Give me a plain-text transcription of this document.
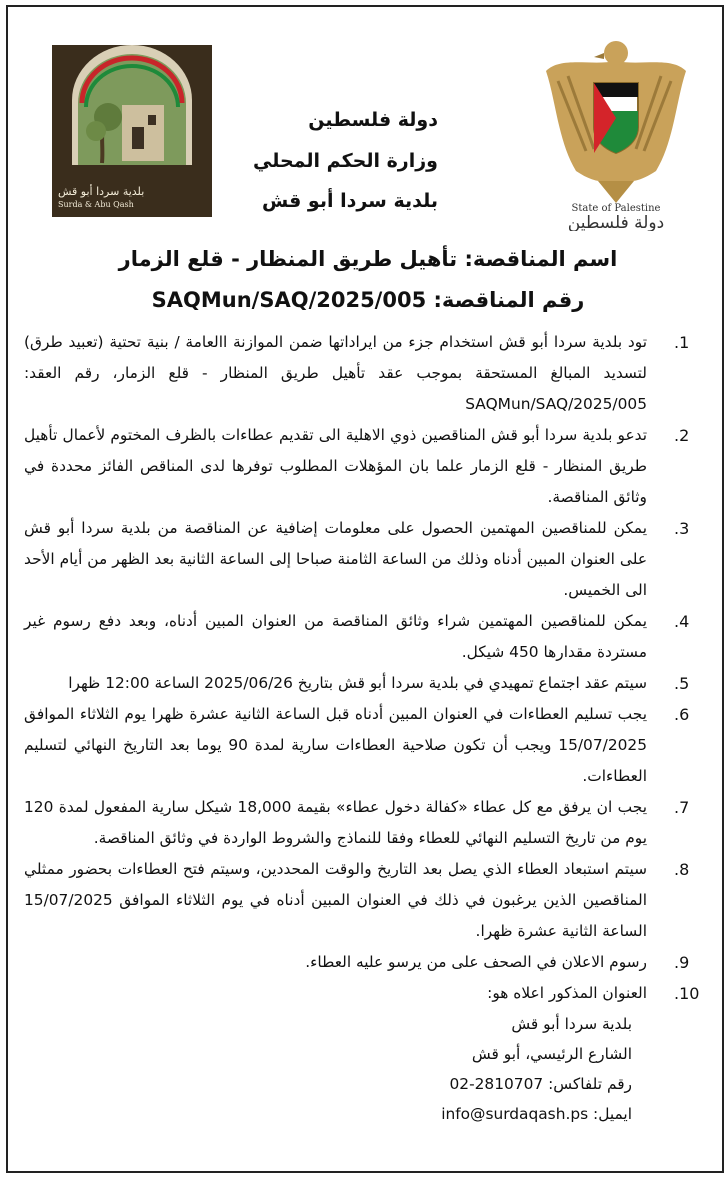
State of Palestine
دولة فلسطين
بلدية سردا أبو قش
Surda & Abu Qash
دولة فلسطين
وزارة الحكم المحلي
بلدية سردا أبو قش
اسم المناقصة: تأهيل طريق المنظار - قلع الزمار
رقم المناقصة: SAQMun/SAQ/2025/005
1.
تود بلدية سردا أبو قش استخدام جزء من ايراداتها ضمن الموازنة االعامة / بنية تحتية (تعبيد طرق) لتسديد المبالغ المستحقة بموجب عقد تأهيل طريق المنظار - قلع الزمار، رقم العقد: SAQMun/SAQ/2025/005
2.
تدعو بلدية سردا أبو قش المناقصين ذوي الاهلية الى تقديم عطاءات بالظرف المختوم لأعمال تأهيل طريق المنظار - قلع الزمار علما بان المؤهلات المطلوب توفرها لدى المناقص الفائز محددة في وثائق المناقصة.
3.
يمكن للمناقصين المهتمين الحصول على معلومات إضافية عن المناقصة من بلدية سردا أبو قش على العنوان المبين أدناه وذلك من الساعة الثامنة صباحا إلى الساعة الثانية بعد الظهر من أيام الأحد الى الخميس.
4.
يمكن للمناقصين المهتمين شراء وثائق المناقصة من العنوان المبين أدناه، وبعد دفع رسوم غير مستردة مقدارها 450 شيكل.
5.
سيتم عقد اجتماع تمهيدي في بلدية سردا أبو قش بتاريخ 2025/06/26 الساعة 12:00 ظهرا
6.
يجب تسليم العطاءات في العنوان المبين أدناه قبل الساعة الثانية عشرة ظهرا يوم الثلاثاء الموافق 15/07/2025 ويجب أن تكون صلاحية العطاءات سارية لمدة 90 يوما بعد التاريخ النهائي لتسليم العطاءات.
7.
يجب ان يرفق مع كل عطاء «كفالة دخول عطاء» بقيمة 18,000 شيكل سارية المفعول لمدة 120 يوم من تاريخ التسليم النهائي للعطاء وفقا للنماذج والشروط الواردة في وثائق المناقصة.
8.
سيتم استبعاد العطاء الذي يصل بعد التاريخ والوقت المحددين، وسيتم فتح العطاءات بحضور ممثلي المناقصين الذين يرغبون في ذلك في العنوان المبين أدناه في يوم الثلاثاء الموافق 15/07/2025 الساعة الثانية عشرة ظهرا.
9.
رسوم الاعلان في الصحف على من يرسو عليه العطاء.
10.
العنوان المذكور اعلاه هو:
بلدية سردا أبو قش
الشارع الرئيسي، أبو قش
رقم تلفاكس: 02-2810707
ايميل: info@surdaqash.ps
